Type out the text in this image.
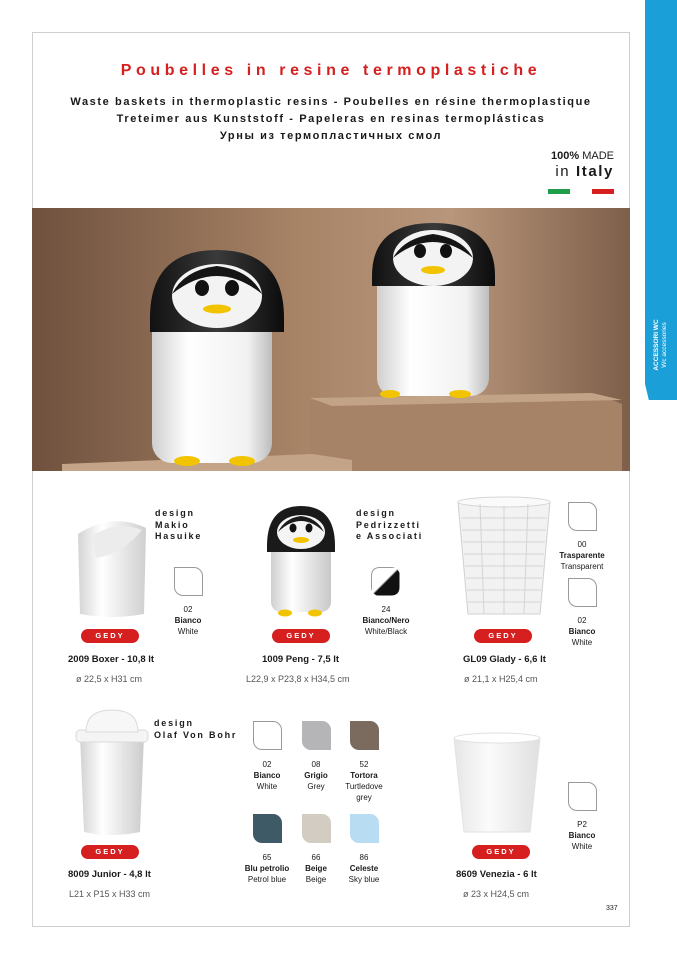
ACCESSORI WC Wc accessories
Poubelles in resine termoplastiche
Waste baskets in thermoplastic resins - Poubelles en résine thermoplastique
Treteimer aus Kunststoff - Papeleras en resinas termoplásticas
Урны из термопластичных смол
100% MADE
in Italy
design
Makio Hasuike
02
Bianco
White
GEDY
2009 Boxer - 10,8 lt
ø 22,5 x H31 cm
design
Pedrizzetti e Associati
24
Bianco/Nero
White/Black
GEDY
1009 Peng - 7,5 lt
L22,9 x P23,8 x H34,5 cm
00
Trasparente
Transparent
02
Bianco
White
GEDY
GL09 Glady - 6,6 lt
ø 21,1 x H25,4 cm
design
Olaf Von Bohr
02
Bianco
White
08
Grigio
Grey
52
Tortora
Turtledove
grey
65
Blu petrolio
Petrol blue
66
Beige
Beige
86
Celeste
Sky blue
GEDY
8009 Junior - 4,8 lt
L21 x P15 x H33 cm
P2
Bianco
White
GEDY
8609 Venezia - 6 lt
ø 23 x H24,5 cm
337
